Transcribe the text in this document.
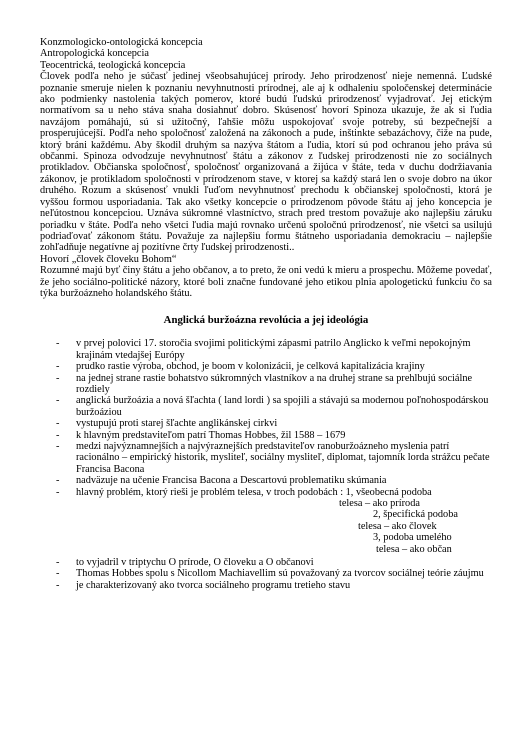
Konzmologicko-ontologická koncepcia

Antropologická koncepcia

Teocentrická, teologická koncepcia

Človek podľa neho je súčasť jedinej všeobsahujúcej prírody. Jeho prirodzenosť nieje nemenná. Ľudské poznanie smeruje nielen k poznaniu nevyhnutnosti prírodnej, ale aj k odhaleniu spoločenskej determinácie ako podmienky nastolenia takých pomerov, ktoré budú ľudskú prirodzenosť vyjadrovať. Jej etickým normatívom sa u neho stáva snaha dosiahnuť dobro. Skúsenosť hovorí Spinoza ukazuje, že ak si ľudia navzájom pomáhajú, sú si užitočný, ľahšie môžu uspokojovať svoje potreby, sú bezpečnejší a prosperujúcejší. Podľa neho spoločnosť založená na zákonoch a pude, inštinkte sebazáchovy, čiže na pude, ktorý bráni každému. Aby škodil druhým sa nazýva štátom a ľudia, ktorí sú pod ochranou jeho práva sú občanmi. Spinoza odvodzuje nevyhnutnosť štátu a zákonov z ľudskej prirodzenosti nie zo sociálnych protikladov. Občianska spoločnosť, spoločnosť organizovaná a žijúca v štáte, teda v duchu dodržiavania zákonov, je protikladom spoločnosti v prírodzenom stave, v ktorej sa každý stará len o svoje dobro na úkor druhého. Rozum a skúsenosť vnukli ľuďom nevyhnutnosť prechodu k občianskej spoločnosti, ktorá je vyššou formou usporiadania. Tak ako všetky koncepcie o prirodzenom pôvode štátu aj jeho koncepcia je neľútostnou koncepciou. Uznáva súkromné vlastníctvo, strach pred trestom považuje ako najlepšiu záruku poriadku v štáte. Podľa neho všetci ľudia majú rovnako určenú spoločnú prirodzenosť, nie všetci sa usilujú podriaďovať zákonom štátu. Považuje za najlepšiu formu štátneho usporiadania demokraciu – najlepšie zohľadňuje negatívne aj pozitívne črty ľudskej prirodzenosti..

Hovorí „človek človeku Bohom“

Rozumné majú byť činy štátu a jeho občanov, a to preto, že oni vedú k mieru a prospechu. Môžeme povedať, že jeho sociálno-politické názory, ktoré boli značne fundované jeho etikou plnia apologetickú funkciu čo sa týka buržoázneho holandského štátu.

Anglická buržoázna revolúcia a jej ideológia
- v prvej polovici 17. storočia svojimi politickými zápasmi patrilo Anglicko k veľmi nepokojným krajinám vtedajšej Európy
- prudko rastie výroba, obchod, je boom v kolonizácii, je celková kapitalizácia krajiny
- na jednej strane rastie bohatstvo súkromných vlastníkov a na druhej strane sa prehlbujú sociálne rozdiely
- anglická buržoázia a nová šľachta ( land lordi ) sa spojili a stávajú sa modernou poľnohospodárskou buržoáziou
- vystupujú proti starej šľachte anglikánskej cirkvi
- k hlavným predstaviteľom patrí Thomas Hobbes, žil 1588 – 1679
- medzi najvýznamnejších a najvýraznejších predstaviteľov ranoburžoázneho myslenia patrí racionálno – empirický historik, mysliteľ, sociálny mysliteľ, diplomat, tajomník lorda strážcu pečate Francisa Bacona
- nadväzuje na učenie Francisa Bacona a Descartovú problematiku skúmania
- hlavný problém, ktorý rieši je problém telesa, v troch podobách : 1, všeobecná podoba
telesa – ako príroda
2, špecifická podoba
telesa – ako človek
3, podoba umelého
telesa – ako občan
- to vyjadril v triptychu O prírode, O človeku a O občanovi
- Thomas Hobbes spolu s Nicollom Machiavellim sú považovaný za tvorcov sociálnej teórie záujmu
- je charakterizovaný ako tvorca sociálneho programu tretieho stavu
